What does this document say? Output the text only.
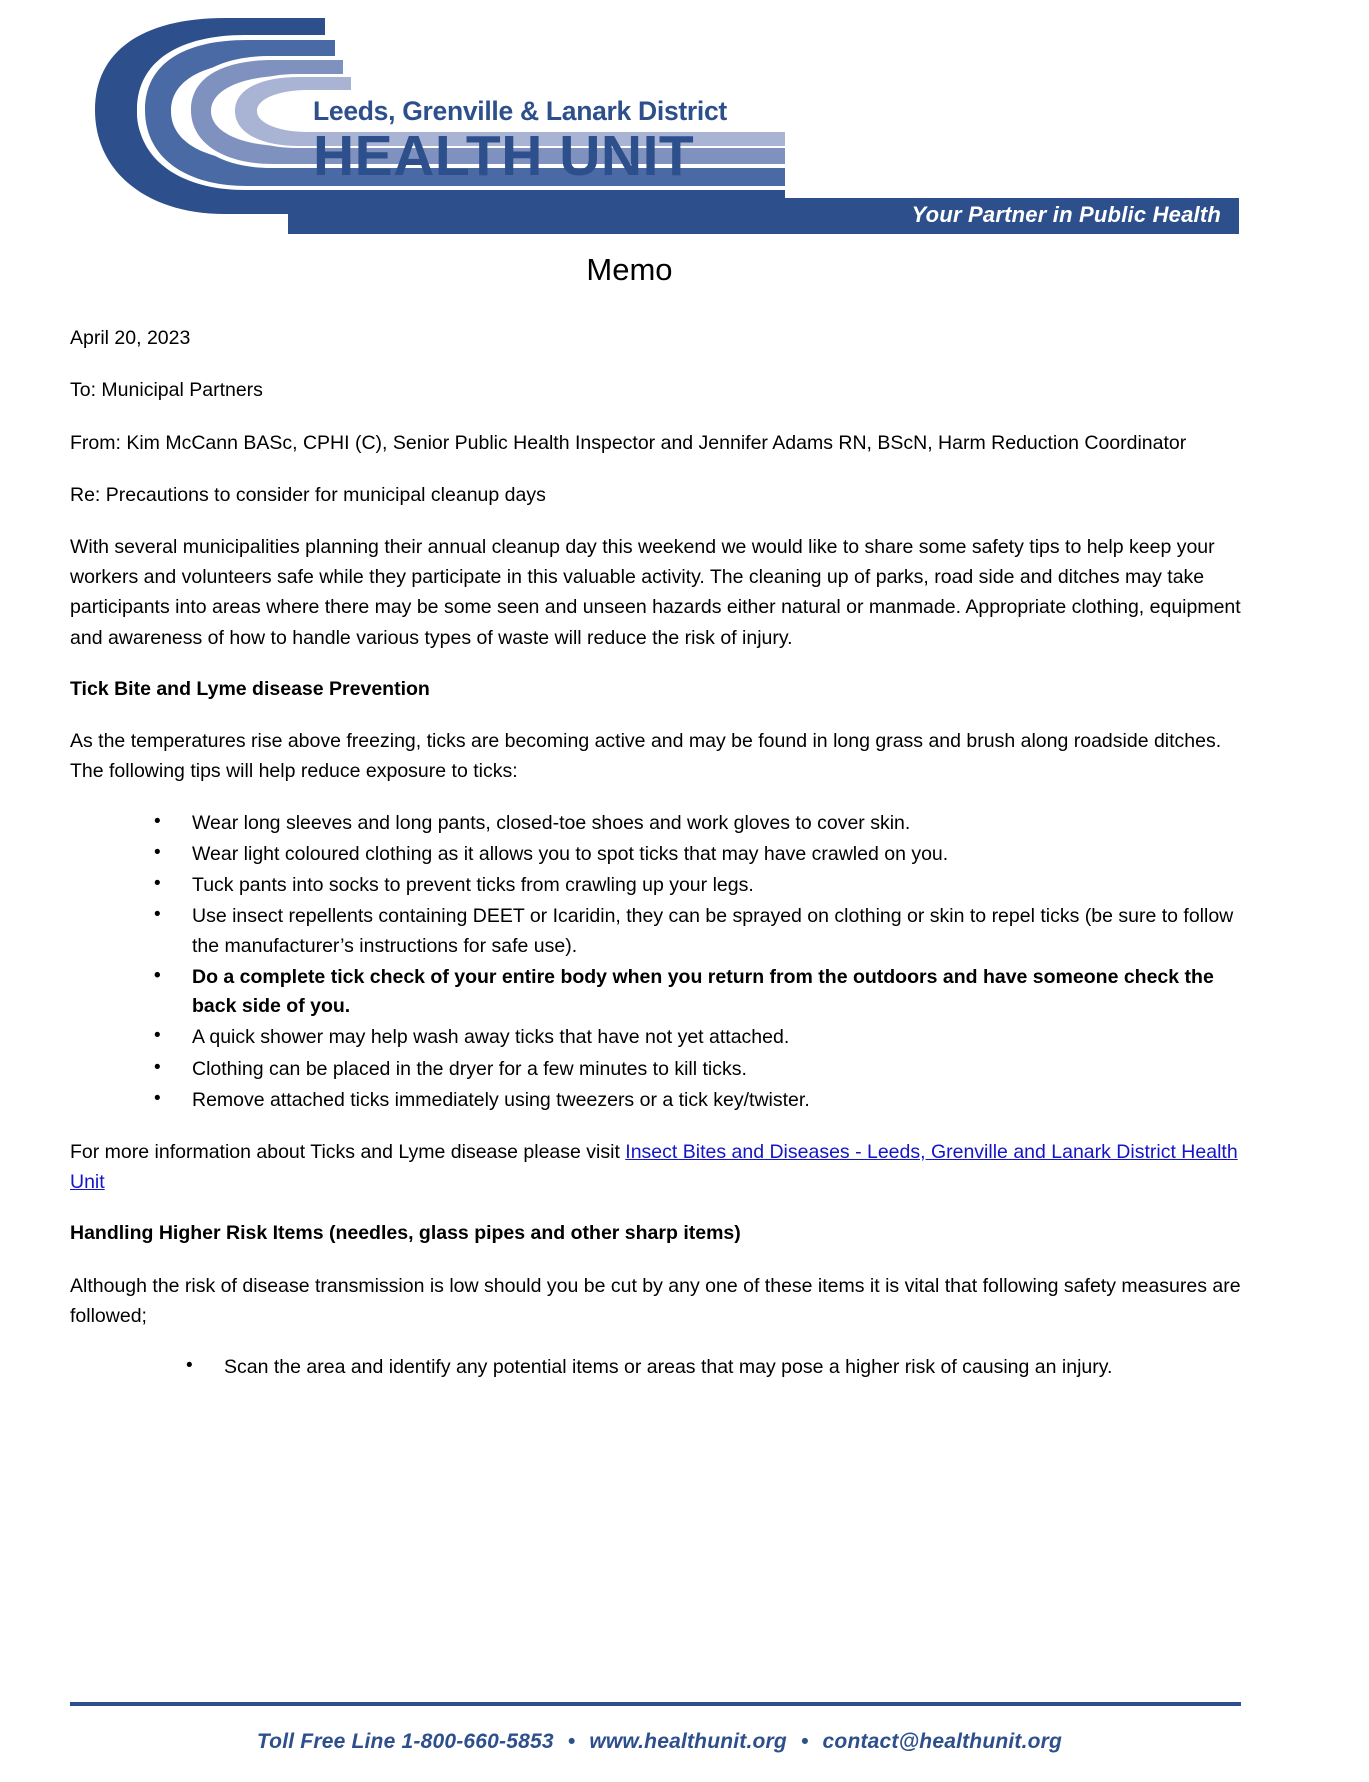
Leeds, Grenville & Lanark District
HEALTH UNIT
Your Partner in Public Health
Memo

April 20, 2023

To: Municipal Partners

From: Kim McCann BASc, CPHI (C), Senior Public Health Inspector and Jennifer Adams RN, BScN, Harm Reduction Coordinator

Re: Precautions to consider for municipal cleanup days

With several municipalities planning their annual cleanup day this weekend we would like to share some safety tips to help keep your workers and volunteers safe while they participate in this valuable activity. The cleaning up of parks, road side and ditches may take participants into areas where there may be some seen and unseen hazards either natural or manmade. Appropriate clothing, equipment and awareness of how to handle various types of waste will reduce the risk of injury.

Tick Bite and Lyme disease Prevention

As the temperatures rise above freezing, ticks are becoming active and may be found in long grass and brush along roadside ditches. The following tips will help reduce exposure to ticks:

• Wear long sleeves and long pants, closed-toe shoes and work gloves to cover skin.
• Wear light coloured clothing as it allows you to spot ticks that may have crawled on you.
• Tuck pants into socks to prevent ticks from crawling up your legs.
• Use insect repellents containing DEET or Icaridin, they can be sprayed on clothing or skin to repel ticks (be sure to follow the manufacturer’s instructions for safe use).
• Do a complete tick check of your entire body when you return from the outdoors and have someone check the back side of you.
• A quick shower may help wash away ticks that have not yet attached.
• Clothing can be placed in the dryer for a few minutes to kill ticks.
• Remove attached ticks immediately using tweezers or a tick key/twister.

For more information about Ticks and Lyme disease please visit Insect Bites and Diseases - Leeds, Grenville and Lanark District Health Unit

Handling Higher Risk Items (needles, glass pipes and other sharp items)

Although the risk of disease transmission is low should you be cut by any one of these items it is vital that following safety measures are followed;

• Scan the area and identify any potential items or areas that may pose a higher risk of causing an injury.
Toll Free Line 1-800-660-5853 • www.healthunit.org • contact@healthunit.org
